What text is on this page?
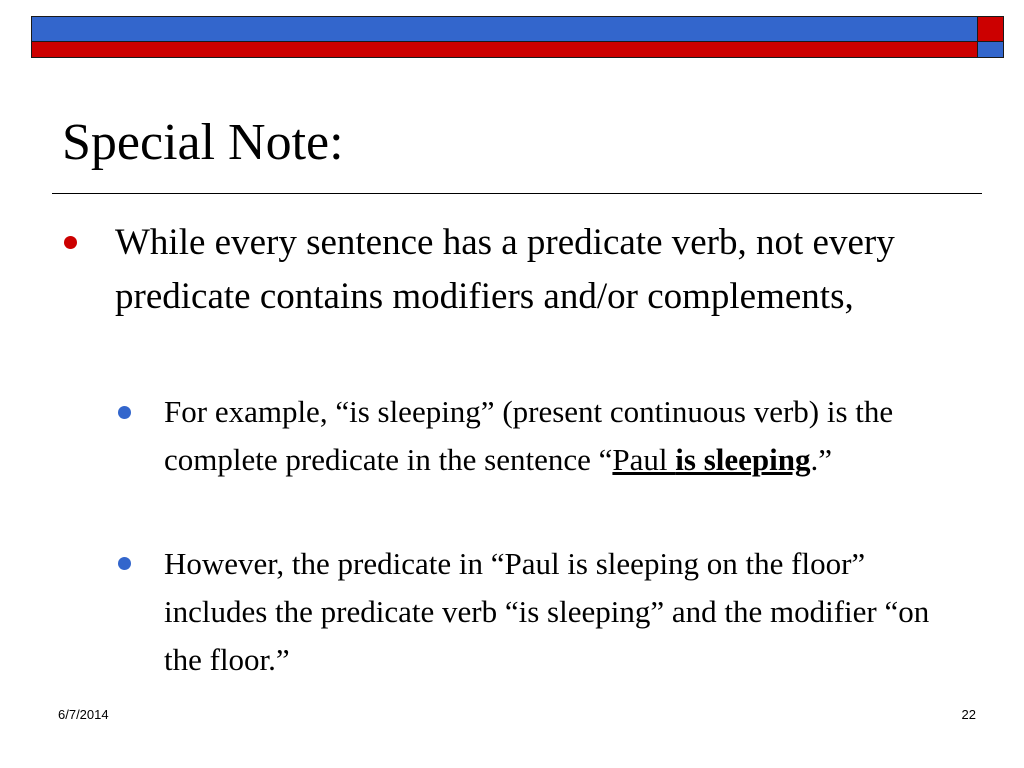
Special Note:
While every sentence has a predicate verb, not every predicate contains modifiers and/or complements,
For example, “is sleeping” (present continuous verb) is the complete predicate in the sentence “Paul is sleeping.”
However, the predicate in “Paul is sleeping on the floor” includes the predicate verb “is sleeping” and the modifier “on the floor.”
6/7/2014	22
